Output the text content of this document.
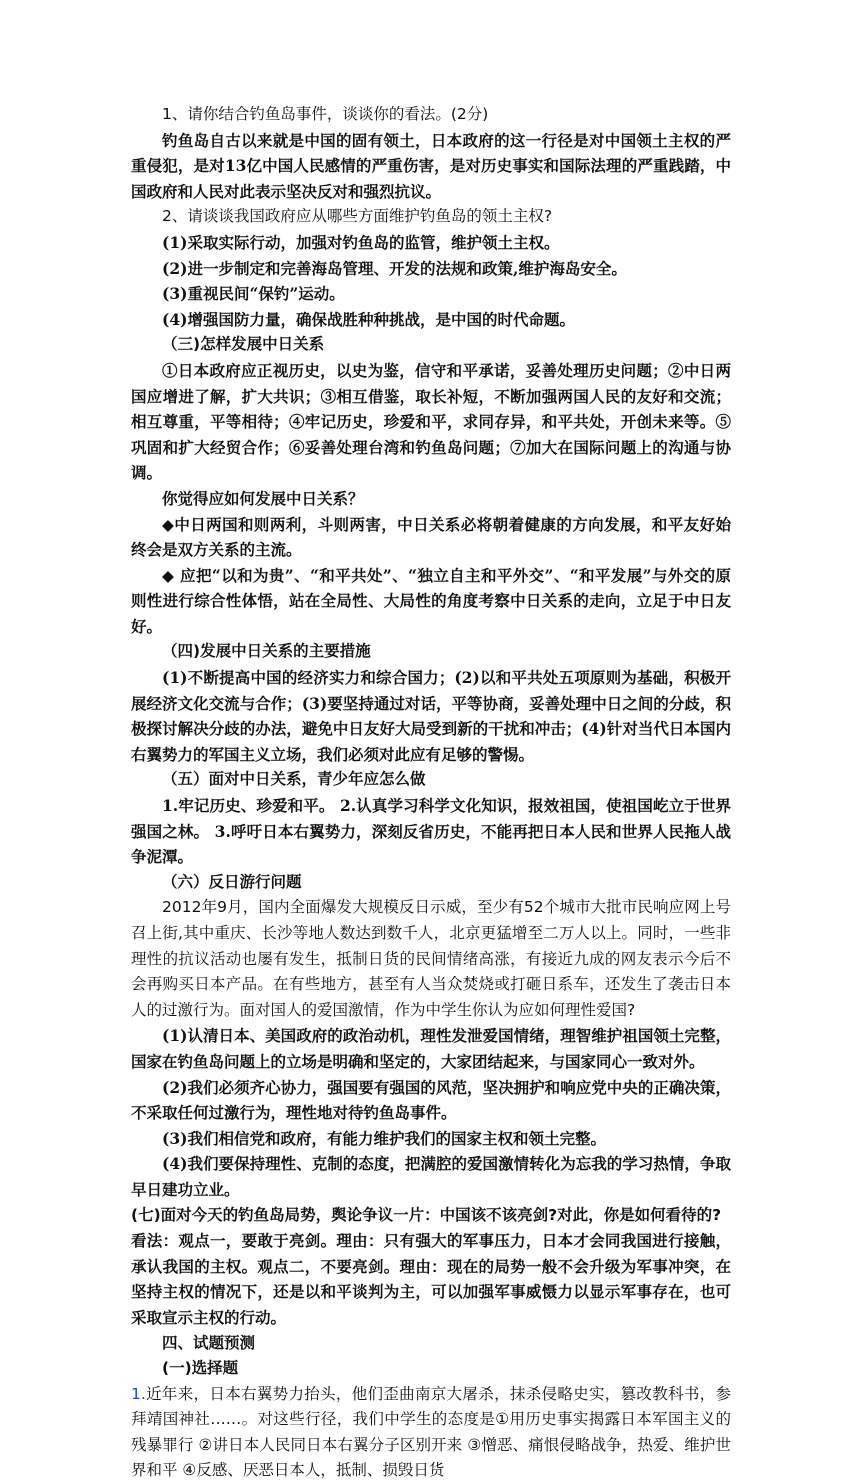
1、请你结合钓鱼岛事件，谈谈你的看法。(2分)

钓鱼岛自古以来就是中国的固有领土，日本政府的这一行径是对中国领土主权的严重侵犯，是对13亿中国人民感情的严重伤害，是对历史事实和国际法理的严重践踏，中国政府和人民对此表示坚决反对和强烈抗议。

2、请谈谈我国政府应从哪些方面维护钓鱼岛的领土主权?

(1)采取实际行动，加强对钓鱼岛的监管，维护领土主权。

(2)进一步制定和完善海岛管理、开发的法规和政策,维护海岛安全。

(3)重视民间“保钓”运动。

(4)增强国防力量，确保战胜种种挑战，是中国的时代命题。

（三)怎样发展中日关系

①日本政府应正视历史，以史为鉴，信守和平承诺，妥善处理历史问题；②中日两国应增进了解，扩大共识；③相互借鉴，取长补短，不断加强两国人民的友好和交流；相互尊重，平等相待；④牢记历史，珍爱和平，求同存异，和平共处，开创未来等。⑤巩固和扩大经贸合作；⑥妥善处理台湾和钓鱼岛问题；⑦加大在国际问题上的沟通与协调。

你觉得应如何发展中日关系？

◆中日两国和则两利，斗则两害，中日关系必将朝着健康的方向发展，和平友好始终会是双方关系的主流。

◆ 应把“以和为贵”、“和平共处”、“独立自主和平外交”、“和平发展”与外交的原则性进行综合性体悟，站在全局性、大局性的角度考察中日关系的走向，立足于中日友好。

（四)发展中日关系的主要措施

(1)不断提高中国的经济实力和综合国力；(2)以和平共处五项原则为基础，积极开展经济文化交流与合作；(3)要坚持通过对话，平等协商，妥善处理中日之间的分歧，积极探讨解决分歧的办法，避免中日友好大局受到新的干扰和冲击；(4)针对当代日本国内右翼势力的军国主义立场，我们必须对此应有足够的警惕。

（五）面对中日关系，青少年应怎么做

1.牢记历史、珍爱和平。 2.认真学习科学文化知识，报效祖国，使祖国屹立于世界强国之林。 3.呼吁日本右翼势力，深刻反省历史，不能再把日本人民和世界人民拖人战争泥潭。

（六）反日游行问题

2012年9月，国内全面爆发大规模反日示威，至少有52个城市大批市民响应网上号召上街,其中重庆、长沙等地人数达到数千人，北京更猛增至二万人以上。同时，一些非理性的抗议活动也屡有发生，抵制日货的民间情绪高涨，有接近九成的网友表示今后不会再购买日本产品。在有些地方，甚至有人当众焚烧或打砸日系车，还发生了袭击日本人的过激行为。面对国人的爱国激情，作为中学生你认为应如何理性爱国?

(1)认清日本、美国政府的政治动机，理性发泄爱国情绪，理智维护祖国领土完整，国家在钓鱼岛问题上的立场是明确和坚定的，大家团结起来，与国家同心一致对外。

(2)我们必须齐心协力，强国要有强国的风范，坚决拥护和响应党中央的正确决策，不采取任何过激行为，理性地对待钓鱼岛事件。

(3)我们相信党和政府，有能力维护我们的国家主权和领土完整。

(4)我们要保持理性、克制的态度，把满腔的爱国激情转化为忘我的学习热情，争取早日建功立业。

(七)面对今天的钓鱼岛局势，舆论争议一片：中国该不该亮剑?对此，你是如何看待的?

看法：观点一，要敢于亮剑。理由：只有强大的军事压力，日本才会同我国进行接触，承认我国的主权。观点二，不要亮剑。理由：现在的局势一般不会升级为军事冲突，在坚持主权的情况下，还是以和平谈判为主，可以加强军事威慑力以显示军事存在，也可采取宣示主权的行动。

四、试题预测

(一)选择题

1.近年来，日本右翼势力抬头，他们歪曲南京大屠杀，抹杀侵略史实，篡改教科书，参拜靖国神社……。对这些行径，我们中学生的态度是①用历史事实揭露日本军国主义的残暴罪行 ②讲日本人民同日本右翼分子区别开来 ③憎恶、痛恨侵略战争，热爱、维护世界和平 ④反感、厌恶日本人，抵制、损毁日货
